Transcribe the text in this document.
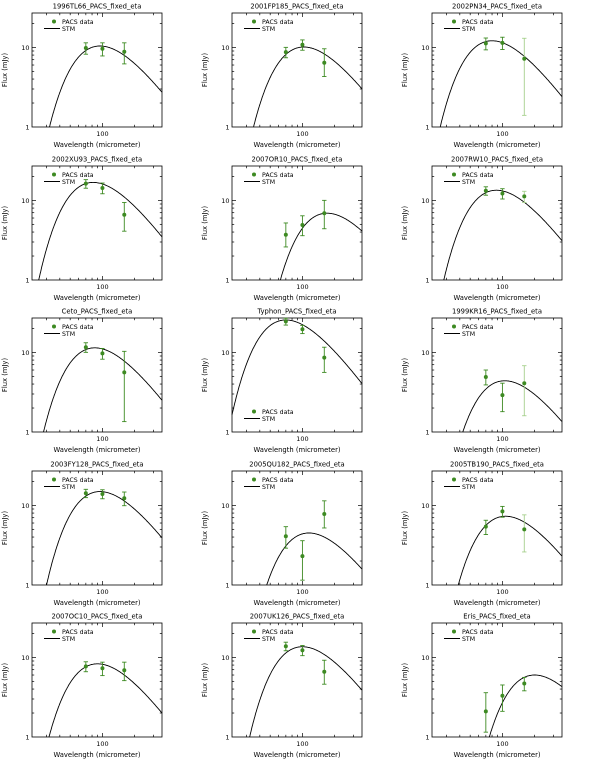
1996TL66_PACS_fixed_eta
10
1
100
Wavelength (micrometer)
Flux (mJy)
PACS data
STM
2001FP185_PACS_fixed_eta
10
1
100
Wavelength (micrometer)
Flux (mJy)
PACS data
STM
2002PN34_PACS_fixed_eta
10
1
100
Wavelength (micrometer)
Flux (mJy)
PACS data
STM
2002XU93_PACS_fixed_eta
10
1
100
Wavelength (micrometer)
Flux (mJy)
PACS data
STM
2007OR10_PACS_fixed_eta
10
1
100
Wavelength (micrometer)
Flux (mJy)
PACS data
STM
2007RW10_PACS_fixed_eta
10
1
100
Wavelength (micrometer)
Flux (mJy)
PACS data
STM
Ceto_PACS_fixed_eta
10
1
100
Wavelength (micrometer)
Flux (mJy)
PACS data
STM
Typhon_PACS_fixed_eta
10
1
100
Wavelength (micrometer)
Flux (mJy)
PACS data
STM
1999KR16_PACS_fixed_eta
10
1
100
Wavelength (micrometer)
Flux (mJy)
PACS data
STM
2003FY128_PACS_fixed_eta
10
1
100
Wavelength (micrometer)
Flux (mJy)
PACS data
STM
2005QU182_PACS_fixed_eta
10
1
100
Wavelength (micrometer)
Flux (mJy)
PACS data
STM
2005TB190_PACS_fixed_eta
10
1
100
Wavelength (micrometer)
Flux (mJy)
PACS data
STM
2007OC10_PACS_fixed_eta
10
1
100
Wavelength (micrometer)
Flux (mJy)
PACS data
STM
2007UK126_PACS_fixed_eta
10
1
100
Wavelength (micrometer)
Flux (mJy)
PACS data
STM
Eris_PACS_fixed_eta
10
1
100
Wavelength (micrometer)
Flux (mJy)
PACS data
STM
